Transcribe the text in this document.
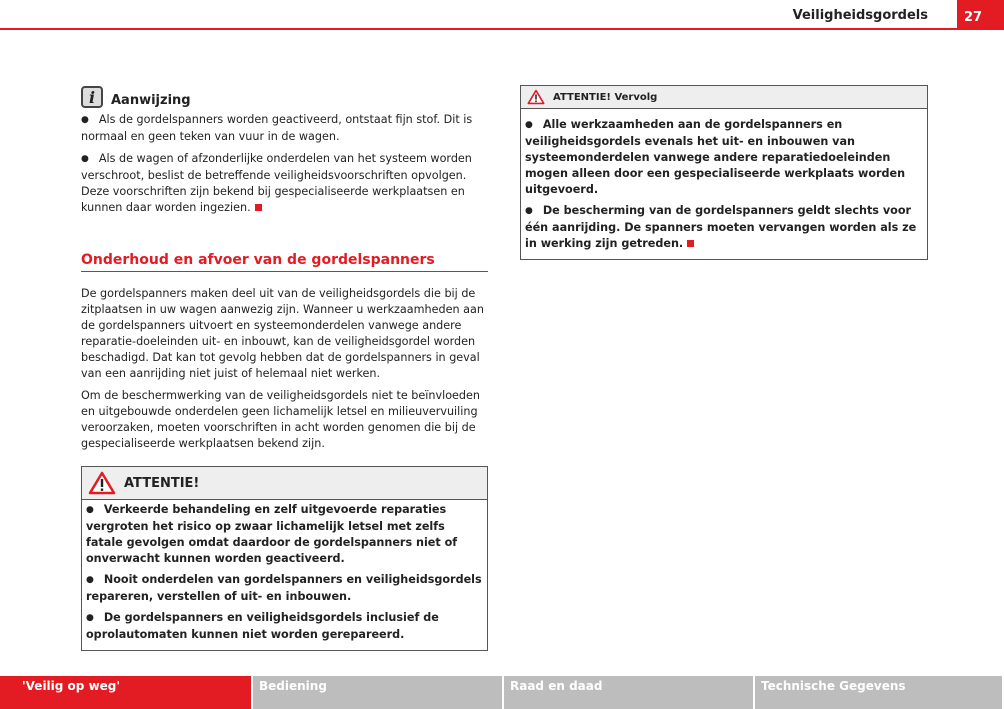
Veiligheidsgordels	27
i	Aanwijzing

● Als de gordelspanners worden geactiveerd, ontstaat fijn stof. Dit is normaal en geen teken van vuur in de wagen.

● Als de wagen of afzonderlijke onderdelen van het systeem worden verschroot, beslist de betreffende veiligheidsvoorschriften opvolgen. Deze voorschriften zijn bekend bij gespecialiseerde werkplaatsen en kunnen daar worden ingezien.

Onderhoud en afvoer van de gordelspanners

De gordelspanners maken deel uit van de veiligheidsgordels die bij de zitplaatsen in uw wagen aanwezig zijn. Wanneer u werkzaamheden aan de gordelspanners uitvoert en systeemonderdelen vanwege andere reparatie-doeleinden uit- en inbouwt, kan de veiligheidsgordel worden beschadigd. Dat kan tot gevolg hebben dat de gordelspanners in geval van een aanrijding niet juist of helemaal niet werken.

Om de beschermwerking van de veiligheidsgordels niet te beïnvloeden en uitgebouwde onderdelen geen lichamelijk letsel en milieuvervuiling veroorzaken, moeten voorschriften in acht worden genomen die bij de gespecialiseerde werkplaatsen bekend zijn.

ATTENTIE!

● Verkeerde behandeling en zelf uitgevoerde reparaties vergroten het risico op zwaar lichamelijk letsel met zelfs fatale gevolgen omdat daardoor de gordelspanners niet of onverwacht kunnen worden geactiveerd.

● Nooit onderdelen van gordelspanners en veiligheidsgordels repareren, verstellen of uit- en inbouwen.

● De gordelspanners en veiligheidsgordels inclusief de oprolautomaten kunnen niet worden gerepareerd.

ATTENTIE! Vervolg

● Alle werkzaamheden aan de gordelspanners en veiligheidsgordels evenals het uit- en inbouwen van systeemonderdelen vanwege andere reparatiedoeleinden mogen alleen door een gespecialiseerde werkplaats worden uitgevoerd.

● De bescherming van de gordelspanners geldt slechts voor één aanrijding. De spanners moeten vervangen worden als ze in werking zijn getreden.

'Veilig op weg'	Bediening	Raad en daad	Technische Gegevens
